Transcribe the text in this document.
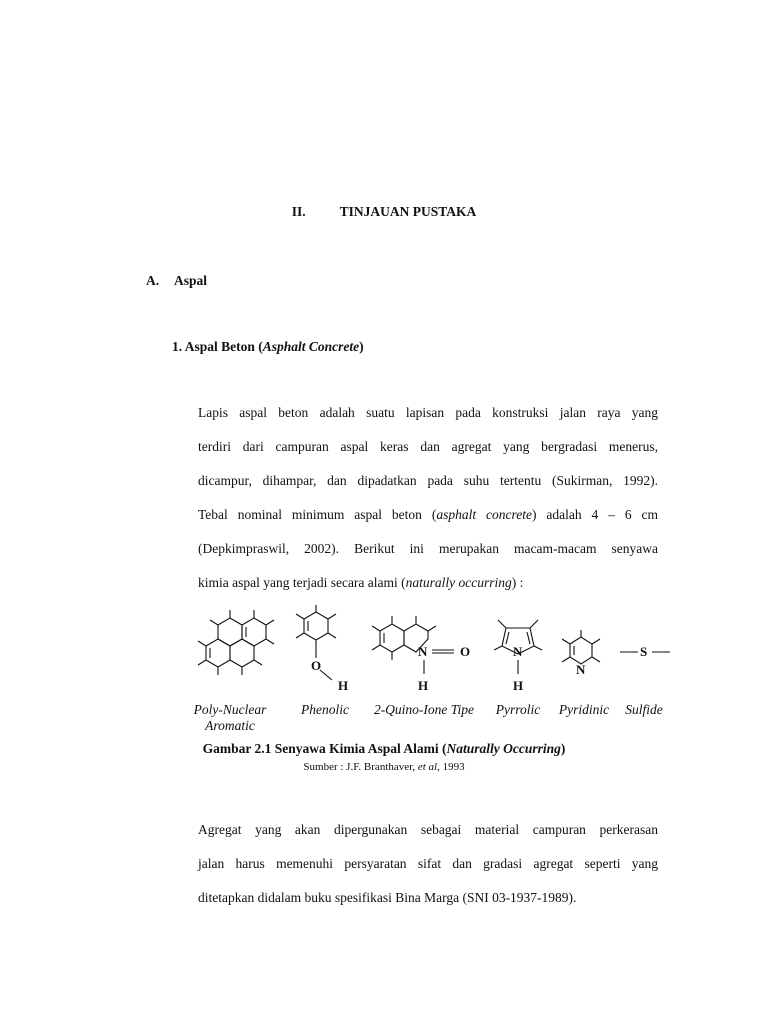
II.	TINJAUAN PUSTAKA
A. Aspal
1. Aspal Beton (Asphalt Concrete)
Lapis aspal beton adalah suatu lapisan pada konstruksi jalan raya yang
terdiri dari campuran aspal keras dan agregat yang bergradasi menerus,
dicampur, dihampar, dan dipadatkan pada suhu tertentu (Sukirman, 1992).
Tebal nominal minimum aspal beton (asphalt concrete) adalah 4 – 6 cm
(Depkimpraswil, 2002). Berikut ini merupakan macam-macam senyawa
kimia aspal yang terjadi secara alami (naturally occurring) :
O
H
N	O
H
N
H
N
S
Poly-Nuclear
Aromatic
Phenolic	2-Quino-Ione Tipe	Pyrrolic	Pyridinic	Sulfide
Gambar 2.1 Senyawa Kimia Aspal Alami (Naturally Occurring)
Sumber : J.F. Branthaver, et al, 1993
Agregat yang akan dipergunakan sebagai material campuran perkerasan
jalan harus memenuhi persyaratan sifat dan gradasi agregat seperti yang
ditetapkan didalam buku spesifikasi Bina Marga (SNI 03-1937-1989).
